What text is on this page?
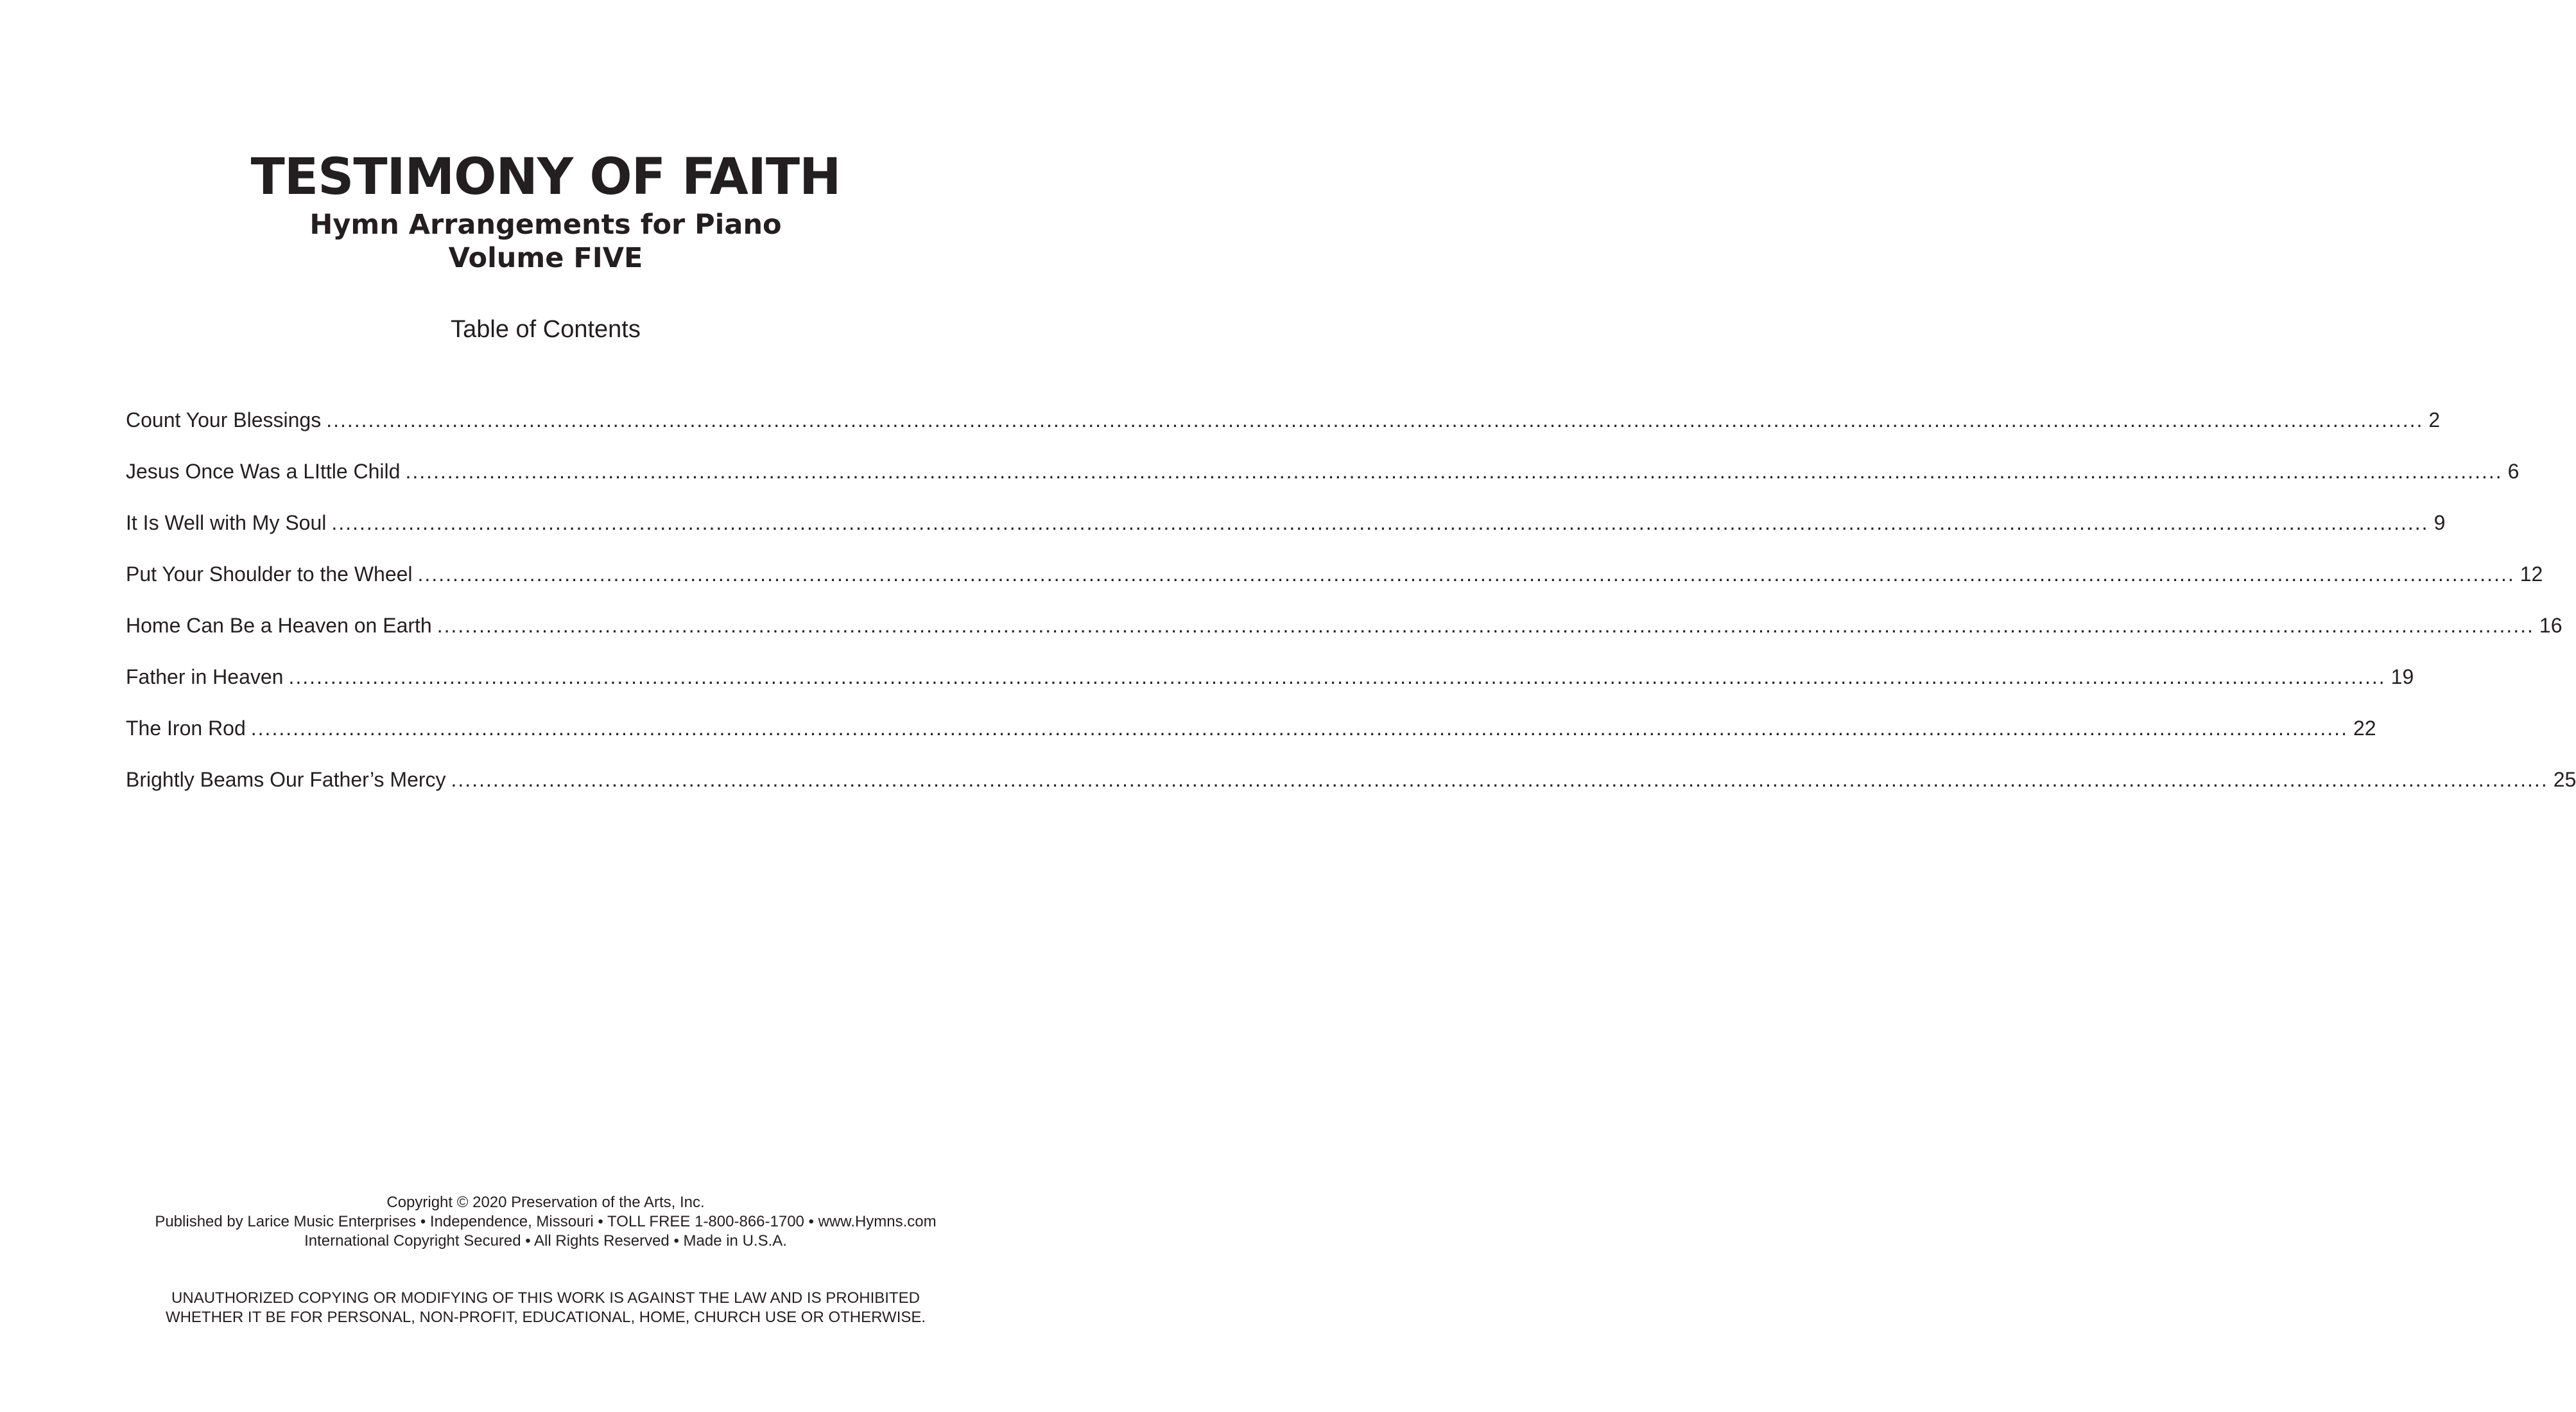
TESTIMONY OF FAITH
Hymn Arrangements for Piano
Volume FIVE
Table of Contents
Count Your Blessings ............................................................................................................................................................................................................................................................................................................ 2
Jesus Once Was a LIttle Child ............................................................................................................................................................................................................................................................................................................ 6
It Is Well with My Soul ............................................................................................................................................................................................................................................................................................................ 9
Put Your Shoulder to the Wheel ............................................................................................................................................................................................................................................................................................................ 12
Home Can Be a Heaven on Earth ............................................................................................................................................................................................................................................................................................................ 16
Father in Heaven ............................................................................................................................................................................................................................................................................................................ 19
The Iron Rod ............................................................................................................................................................................................................................................................................................................ 22
Brightly Beams Our Father’s Mercy ............................................................................................................................................................................................................................................................................................................ 25
Copyright © 2020 Preservation of the Arts, Inc.
Published by Larice Music Enterprises • Independence, Missouri • TOLL FREE 1-800-866-1700 • www.Hymns.com
International Copyright Secured • All Rights Reserved • Made in U.S.A.
UNAUTHORIZED COPYING OR MODIFYING OF THIS WORK IS AGAINST THE LAW AND IS PROHIBITED
WHETHER IT BE FOR PERSONAL, NON-PROFIT, EDUCATIONAL, HOME, CHURCH USE OR OTHERWISE.
